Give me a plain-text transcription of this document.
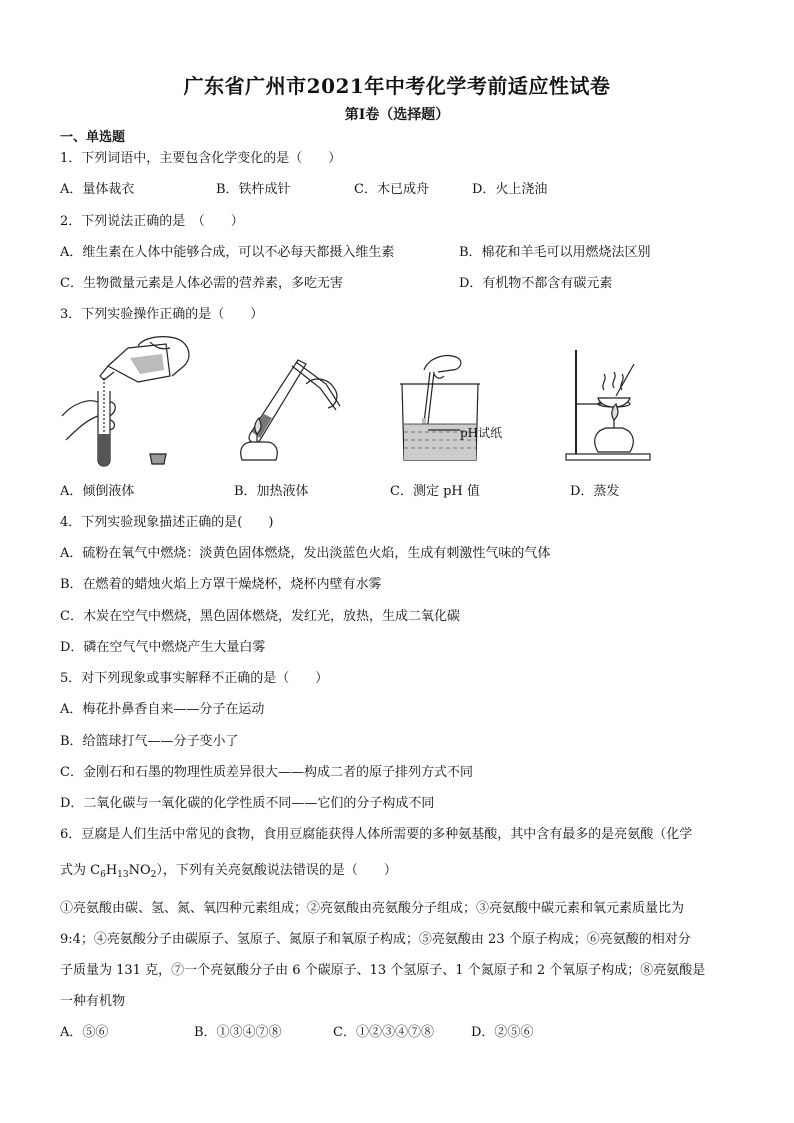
广东省广州市2021年中考化学考前适应性试卷
第I卷（选择题）
一、单选题
1．下列词语中，主要包含化学变化的是（　　）
A．量体裁衣	B．铁杵成针	C．木已成舟	D．火上浇油
2．下列说法正确的是　（　　）
A．维生素在人体中能够合成，可以不必每天都摄入维生素	B．棉花和羊毛可以用燃烧法区别
C．生物微量元素是人体必需的营养素，多吃无害	D．有机物不都含有碳元素
3．下列实验操作正确的是（　　）
pH试纸
A．倾倒液体	B．加热液体	C．测定 pH 值	D．蒸发
4．下列实验现象描述正确的是(　　)
A．硫粉在氧气中燃烧：淡黄色固体燃烧，发出淡蓝色火焰，生成有刺激性气味的气体
B．在燃着的蜡烛火焰上方罩干燥烧杯，烧杯内壁有水雾
C．木炭在空气中燃烧，黑色固体燃烧，发红光，放热，生成二氧化碳
D．磷在空气气中燃烧产生大量白雾
5．对下列现象或事实解释不正确的是（　　）
A．梅花扑鼻香自来——分子在运动
B．给篮球打气——分子变小了
C．金刚石和石墨的物理性质差异很大——构成二者的原子排列方式不同
D．二氧化碳与一氧化碳的化学性质不同——它们的分子构成不同
6．豆腐是人们生活中常见的食物，食用豆腐能获得人体所需要的多种氨基酸，其中含有最多的是亮氨酸（化学
式为 $C_6H_{13}NO_2$），下列有关亮氨酸说法错误的是（　　）
①亮氨酸由碳、氢、氮、氧四种元素组成；②亮氨酸由亮氨酸分子组成；③亮氨酸中碳元素和氧元素质量比为
9:4；④亮氨酸分子由碳原子、氢原子、氮原子和氧原子构成；⑤亮氨酸由 23 个原子构成；⑥亮氨酸的相对分
子质量为 131 克，⑦一个亮氨酸分子由 6 个碳原子、13 个氢原子、1 个氮原子和 2 个氧原子构成；⑧亮氨酸是
一种有机物
A．⑤⑥	B．①③④⑦⑧	C．①②③④⑦⑧	D．②⑤⑥
